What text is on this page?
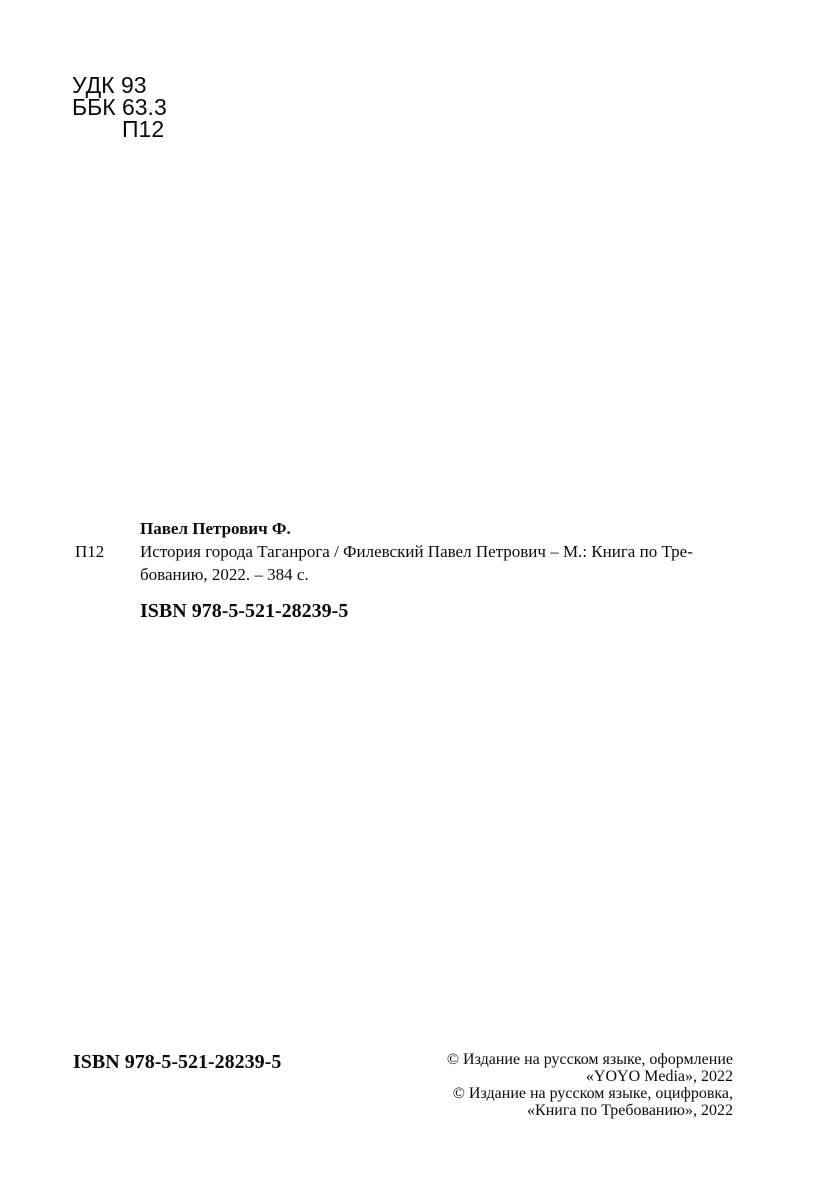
УДК 93
ББК 63.3
П12
Павел Петрович Ф.
П12	История города Таганрога / Филевский Павел Петрович – М.: Книга по Тре-
бованию, 2022. – 384 с.
ISBN 978-5-521-28239-5
ISBN 978-5-521-28239-5	© Издание на русском языке, оформление
«YOYO Media», 2022
© Издание на русском языке, оцифровка,
«Книга по Требованию», 2022
